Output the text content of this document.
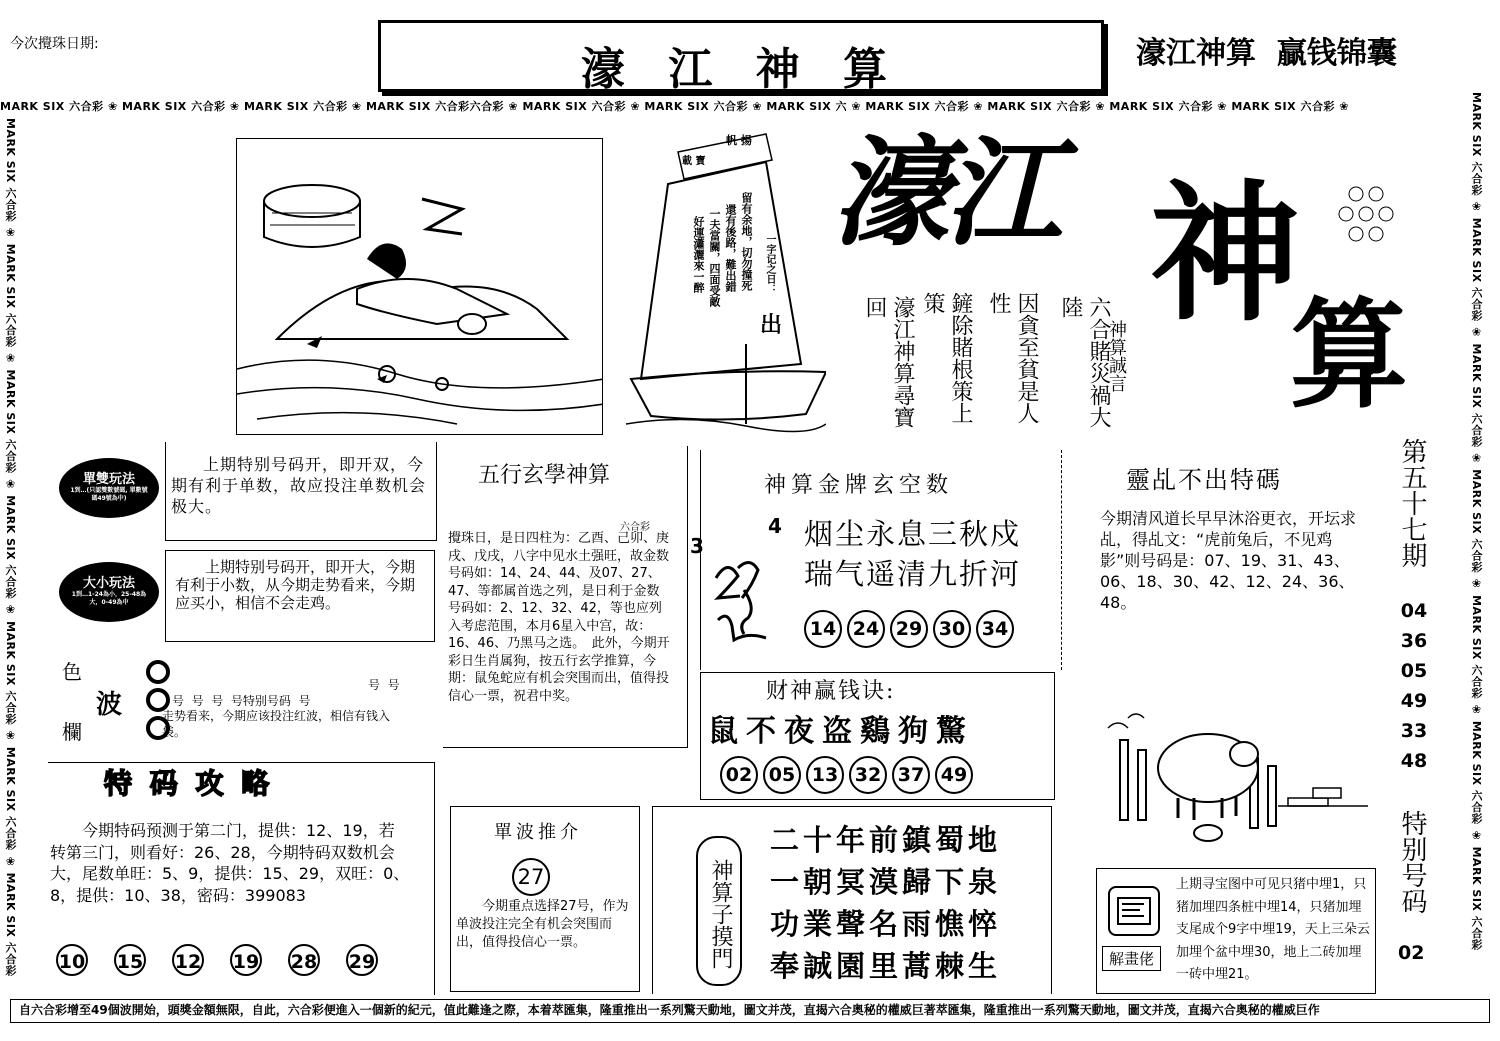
今次攪珠日期:	濠 江 神 算	濠江神算  贏钱锦囊
MARK SIX 六合彩 ❀ MARK SIX 六合彩 ❀ MARK SIX 六合彩 ❀ MARK SIX 六合彩六合彩 ❀ MARK SIX 六合彩 ❀ MARK SIX 六合彩 ❀ MARK SIX 六 ❀ MARK SIX 六合彩 ❀ MARK SIX 六合彩 ❀ MARK SIX 六合彩 ❀ MARK SIX 六合彩 ❀
MARK SIX 六合彩 ❀ MARK SIX 六合彩 ❀ MARK SIX 六合彩 ❀ MARK SIX 六合彩 ❀ MARK SIX 六合彩 ❀ MARK SIX 六合彩 ❀ MARK SIX 六合彩	MARK SIX 六合彩 ❀ MARK SIX 六合彩 ❀ MARK SIX 六合彩 ❀ MARK SIX 六合彩 ❀ MARK SIX 六合彩 ❀ MARK SIX 六合彩 ❀ MARK SIX 六合彩
帆 揚
載 寶
留有余地，切勿撞死
還有後路，難出錯
一夫當關，四面受敵
好運瀟灑來一醉	一字记之日：
出
濠江 神
算
六合賭災禍大陸
因貪至貧是人性
鏟除賭根策上策
濠江神算尋寶回
神算誠言
第五十七期
04
36
05
49
33
48
特别号码
02
單雙玩法
1到…(只認雙數號碼, 單數號碼49號為中)
上期特别号码开，即开双，今期有利于单数，故应投注单数机会极大。
大小玩法
1到…1-24為小，25-48為大，0-49為中
上期特别号码开，即开大，今期有利于小数，从今期走势看来，今期应买小，相信不会走鸡。
色
波
欄
号  号
号  号  号  号特别号码  号
走势看来，今期应该投注红波，相信有钱入袋。
五行玄學神算
六合彩
攪珠日，是日四柱为：乙酉、己卯、庚戌、戊戌，八字中见水土强旺，故金数号码如：14、24、44、及07、27、47、等都属首选之列，是日利于金数号码如：2、12、32、42，等也应列入考虑范围，本月6星入中宫，故：16、46、乃黑马之选。　此外，今期开彩日生肖属狗，按五行玄学推算，今期：鼠兔蛇应有机会突围而出，值得投信心一票，祝君中奖。
神算金牌玄空数
3
4 烟尘永息三秋戍
瑞气遥清九折河
14 24 29 30 34
财神赢钱诀:
鼠不夜盗鷄狗驚
02 05 13 32 37 49
靈乩不出特碼
今期清风道长早早沐浴更衣，开坛求乩，得乩文：“虎前兔后，不见鸡影”则号码是：07、19、31、43、06、18、30、42、12、24、36、48。
特 码 攻 略
今期特码预测于第二门，提供：12、19，若转第三门，则看好：26、28，今期特码双数机会大，尾数单旺：5、9，提供：15、29，双旺：0、8，提供：10、38，密码：399083
10 15 12 19 28 29
單波推介
27
今期重点选择27号，作为单波投注完全有机会突围而出，值得投信心一票。	神算子摸門
二十年前鎮蜀地
一朝冥漠歸下泉
功業聲名雨憔悴
奉誠園里蒿棘生	解畫佬
上期寻宝图中可见只猪中埋1，只猪加埋四条桩中埋14，只猪加埋支尾成个9字中埋19，天上三朵云加埋个盆中埋30，地上二砖加埋一砖中埋21。
自六合彩增至49個波開始，頭獎金額無限，自此，六合彩便進入一個新的紀元，值此難逢之際，本着萃匯集，隆重推出一系列驚天動地，圖文并茂，直揭六合奥秘的權威巨著萃匯集，隆重推出一系列驚天動地，圖文并茂，直揭六合奥秘的權威巨作
